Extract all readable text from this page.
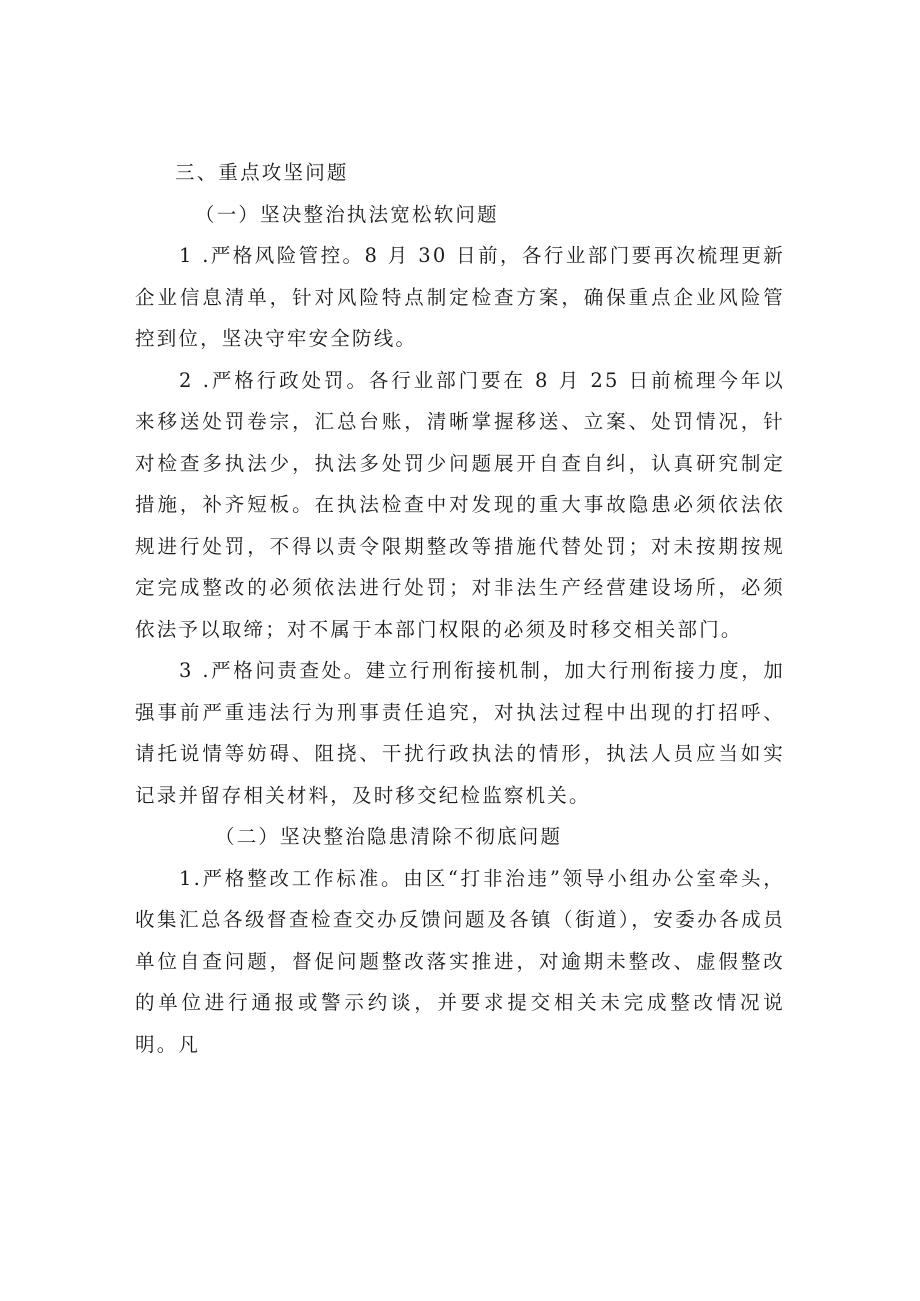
三、重点攻坚问题

（一）坚决整治执法宽松软问题

1 .严格风险管控。8 月 30 日前，各行业部门要再次梳理更新企业信息清单，针对风险特点制定检查方案，确保重点企业风险管控到位，坚决守牢安全防线。

2 .严格行政处罚。各行业部门要在 8 月 25 日前梳理今年以来移送处罚卷宗，汇总台账，清晰掌握移送、立案、处罚情况，针对检查多执法少，执法多处罚少问题展开自查自纠，认真研究制定措施，补齐短板。在执法检查中对发现的重大事故隐患必须依法依规进行处罚，不得以责令限期整改等措施代替处罚；对未按期按规定完成整改的必须依法进行处罚；对非法生产经营建设场所，必须依法予以取缔；对不属于本部门权限的必须及时移交相关部门。

3 .严格问责查处。建立行刑衔接机制，加大行刑衔接力度，加强事前严重违法行为刑事责任追究，对执法过程中出现的打招呼、请托说情等妨碍、阻挠、干扰行政执法的情形，执法人员应当如实记录并留存相关材料，及时移交纪检监察机关。

（二）坚决整治隐患清除不彻底问题

1.严格整改工作标准。由区“打非治违”领导小组办公室牵头，收集汇总各级督查检查交办反馈问题及各镇（街道），安委办各成员单位自查问题，督促问题整改落实推进，对逾期未整改、虚假整改的单位进行通报或警示约谈，并要求提交相关未完成整改情况说明。凡
